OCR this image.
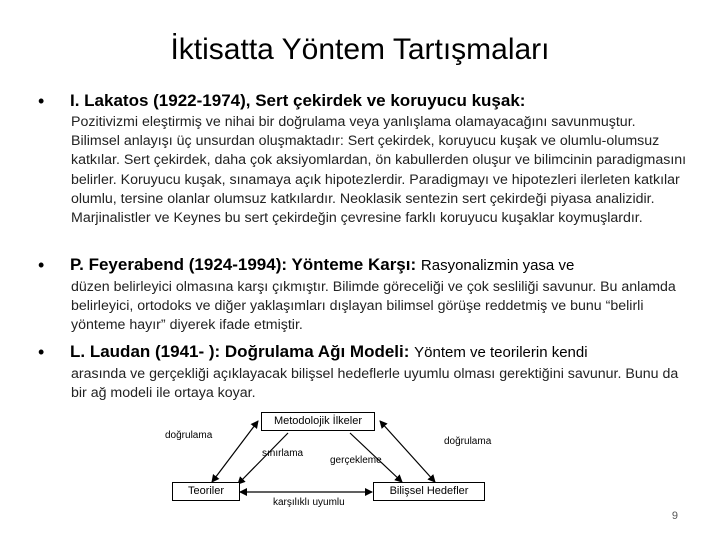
İktisatta Yöntem Tartışmaları
• I. Lakatos (1922-1974), Sert çekirdek ve koruyucu kuşak:
Pozitivizmi eleştirmiş ve nihai bir doğrulama veya yanlışlama olamayacağını savunmuştur. Bilimsel anlayışı üç unsurdan oluşmaktadır: Sert çekirdek, koruyucu kuşak ve olumlu-olumsuz katkılar. Sert çekirdek, daha çok aksiyomlardan, ön kabullerden oluşur ve bilimcinin paradigmasını belirler. Koruyucu kuşak, sınamaya açık hipotezlerdir. Paradigmayı ve hipotezleri ilerleten katkılar olumlu, tersine olanlar olumsuz katkılardır. Neoklasik sentezin sert çekirdeği piyasa analizidir. Marjinalistler ve Keynes bu sert çekirdeğin çevresine farklı koruyucu kuşaklar koymuşlardır.
• P. Feyerabend (1924-1994): Yönteme Karşı: Rasyonalizmin yasa ve
düzen belirleyici olmasına karşı çıkmıştır. Bilimde göreceliği ve çok sesliliği savunur. Bu anlamda belirleyici, ortodoks ve diğer yaklaşımları dışlayan bilimsel görüşe reddetmiş ve bunu “belirli yönteme hayır” diyerek ifade etmiştir.
• L. Laudan (1941- ): Doğrulama Ağı Modeli: Yöntem ve teorilerin kendi
arasında ve gerçekliği açıklayacak bilişsel hedeflerle uyumlu olması gerektiğini savunur. Bunu da bir ağ modeli ile ortaya koyar.
Metodolojik İlkeler
Teoriler	Bilişsel Hedefler
doğrulama
doğrulama
sınırlama
gerçekleme
karşılıklı uyumlu
9
